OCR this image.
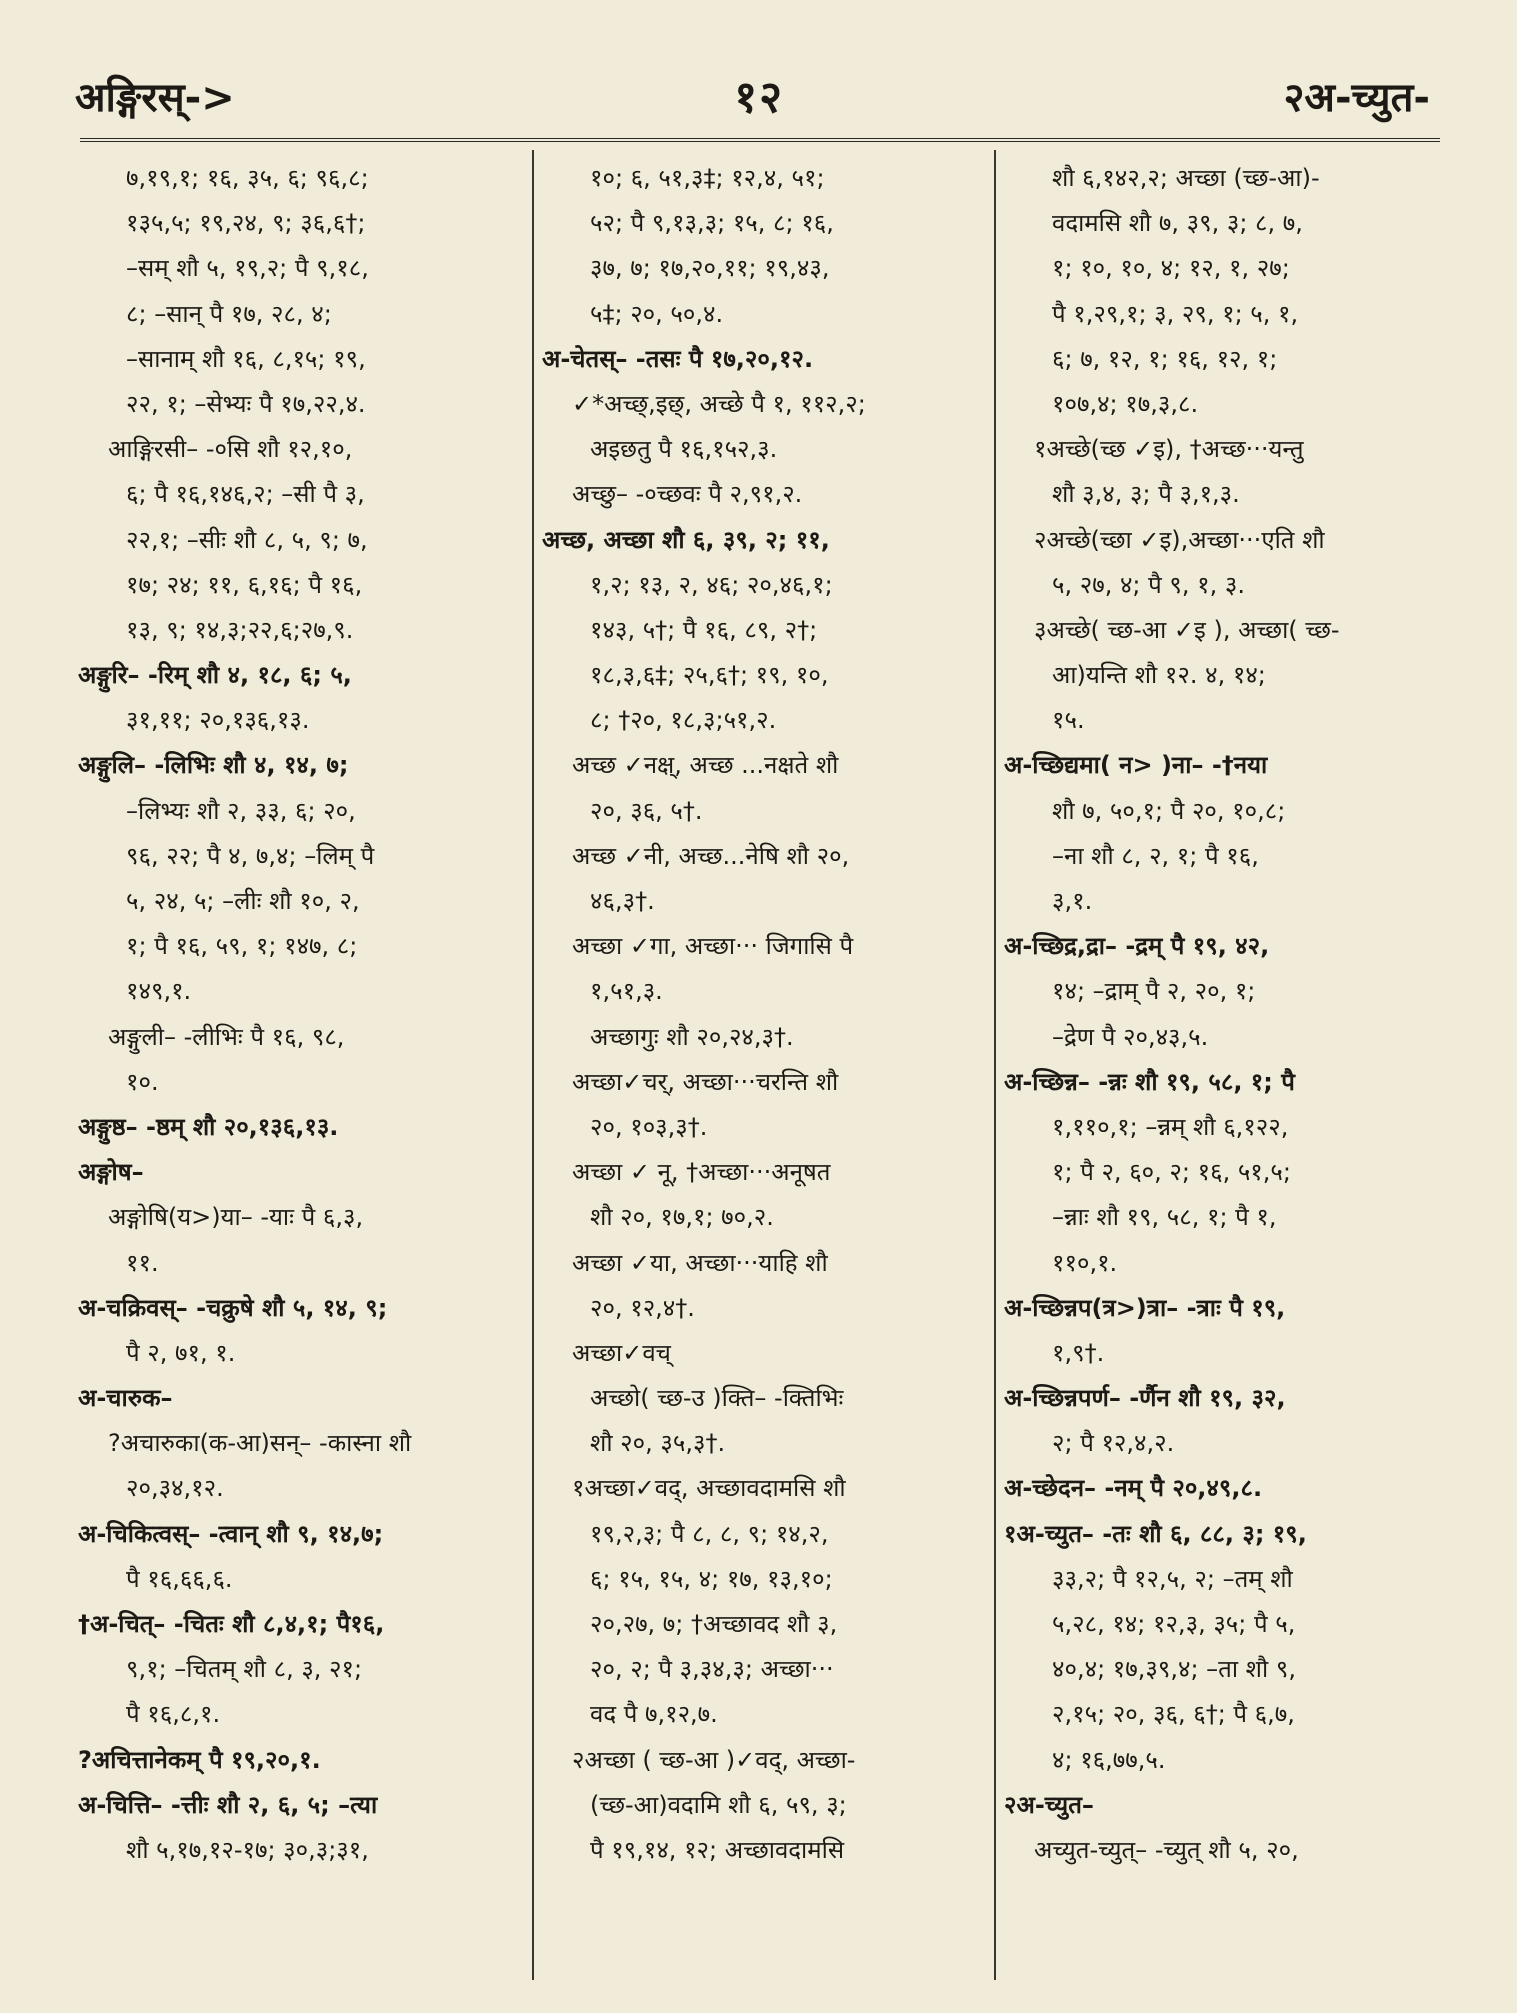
अङ्गिरस्->	१२	२अ-च्युत-
७,१९,१; १६, ३५, ६; ९६,८;
१३५,५; १९,२४, ९; ३६,६†;
–सम् शौ ५, १९,२; पै ९,१८,
८; –सान् पै १७, २८, ४;
–सानाम् शौ १६, ८,१५; १९,
२२, १; –सेभ्यः पै १७,२२,४.
आङ्गिरसी– -०सि शौ १२,१०,
६; पै १६,१४६,२; –सी पै ३,
२२,१; –सीः शौ ८, ५, ९; ७,
१७; २४; ११, ६,१६; पै १६,
१३, ९; १४,३;२२,६;२७,९.
अङ्गुरि– -रिम् शौ ४, १८, ६; ५,
३१,११; २०,१३६,१३.
अङ्गुलि– -लिभिः शौ ४, १४, ७;
–लिभ्यः शौ २, ३३, ६; २०,
९६, २२; पै ४, ७,४; –लिम् पै
५, २४, ५; –लीः शौ १०, २,
१; पै १६, ५९, १; १४७, ८;
१४९,१.
अङ्गुली– -लीभिः पै १६, ९८,
१०.
अङ्गुष्ठ– -ष्ठम् शौ २०,१३६,१३.
अङ्गोष–
अङ्गोषि(य>)या– -याः पै ६,३,
११.
अ-चक्रिवस्– -चक्रुषे शौ ५, १४, ९;
पै २, ७१, १.
अ-चारुक–
?अचारुका(क-आ)सन्– -कास्ना शौ
२०,३४,१२.
अ-चिकित्वस्– -त्वान् शौ ९, १४,७;
पै १६,६६,६.
†अ-चित्– -चितः शौ ८,४,१; पै१६,
९,१; –चितम् शौ ८, ३, २१;
पै १६,८,१.
?अचित्तानेकम् पै १९,२०,१.
अ-चित्ति– -त्तीः शौ २, ६, ५; –त्या
शौ ५,१७,१२-१७; ३०,३;३१,
१०; ६, ५१,३‡; १२,४, ५१;
५२; पै ९,१३,३; १५, ८; १६,
३७, ७; १७,२०,११; १९,४३,
५‡; २०, ५०,४.
अ-चेतस्– -तसः पै १७,२०,१२.
✓*अच्छ्,इछ्, अच्छे पै १, ११२,२;
अइछतु पै १६,१५२,३.
अच्छु– -०च्छवः पै २,९१,२.
अच्छ, अच्छा शौ ६, ३९, २; ११,
१,२; १३, २, ४६; २०,४६,१;
१४३, ५†; पै १६, ८९, २†;
१८,३,६‡; २५,६†; १९, १०,
८; †२०, १८,३;५१,२.
अच्छ ✓नक्ष्, अच्छ ...नक्षते शौ
२०, ३६, ५†.
अच्छ ✓नी, अच्छ...नेषि शौ २०,
४६,३†.
अच्छा ✓गा, अच्छा··· जिगासि पै
१,५१,३.
अच्छागुः शौ २०,२४,३†.
अच्छा✓चर्, अच्छा···चरन्ति शौ
२०, १०३,३†.
अच्छा ✓ नू, †अच्छा···अनूषत
शौ २०, १७,१; ७०,२.
अच्छा ✓या, अच्छा···याहि शौ
२०, १२,४†.
अच्छा✓वच्
अच्छो( च्छ-उ )क्ति– -क्तिभिः
शौ २०, ३५,३†.
१अच्छा✓वद्, अच्छावदामसि शौ
१९,२,३; पै ८, ८, ९; १४,२,
६; १५, १५, ४; १७, १३,१०;
२०,२७, ७; †अच्छावद शौ ३,
२०, २; पै ३,३४,३; अच्छा···
वद पै ७,१२,७.
२अच्छा ( च्छ-आ )✓वद्, अच्छा-
(च्छ-आ)वदामि शौ ६, ५९, ३;
पै १९,१४, १२; अच्छावदामसि
शौ ६,१४२,२; अच्छा (च्छ-आ)-
वदामसि शौ ७, ३९, ३; ८, ७,
१; १०, १०, ४; १२, १, २७;
पै १,२९,१; ३, २९, १; ५, १,
६; ७, १२, १; १६, १२, १;
१०७,४; १७,३,८.
१अच्छे(च्छ ✓इ), †अच्छ···यन्तु
शौ ३,४, ३; पै ३,१,३.
२अच्छे(च्छा ✓इ),अच्छा···एति शौ
५, २७, ४; पै ९, १, ३.
३अच्छे( च्छ-आ ✓इ ), अच्छा( च्छ-
आ)यन्ति शौ १२. ४, १४;
१५.
अ-च्छिद्यमा( न> )ना– -†नया
शौ ७, ५०,१; पै २०, १०,८;
–ना शौ ८, २, १; पै १६,
३,१.
अ-च्छिद्र,द्रा– -द्रम् पै १९, ४२,
१४; –द्राम् पै २, २०, १;
–द्रेण पै २०,४३,५.
अ-च्छिन्न– -न्नः शौ १९, ५८, १; पै
१,११०,१; –न्नम् शौ ६,१२२,
१; पै २, ६०, २; १६, ५१,५;
–न्नाः शौ १९, ५८, १; पै १,
११०,१.
अ-च्छिन्नप(त्र>)त्रा– -त्राः पै १९,
१,९†.
अ-च्छिन्नपर्ण– -र्णैन शौ १९, ३२,
२; पै १२,४,२.
अ-च्छेदन– -नम् पै २०,४९,८.
१अ-च्युत– -तः शौ ६, ८८, ३; १९,
३३,२; पै १२,५, २; –तम् शौ
५,२८, १४; १२,३, ३५; पै ५,
४०,४; १७,३९,४; –ता शौ ९,
२,१५; २०, ३६, ६†; पै ६,७,
४; १६,७७,५.
२अ-च्युत–
अच्युत-च्युत्– -च्युत् शौ ५, २०,
